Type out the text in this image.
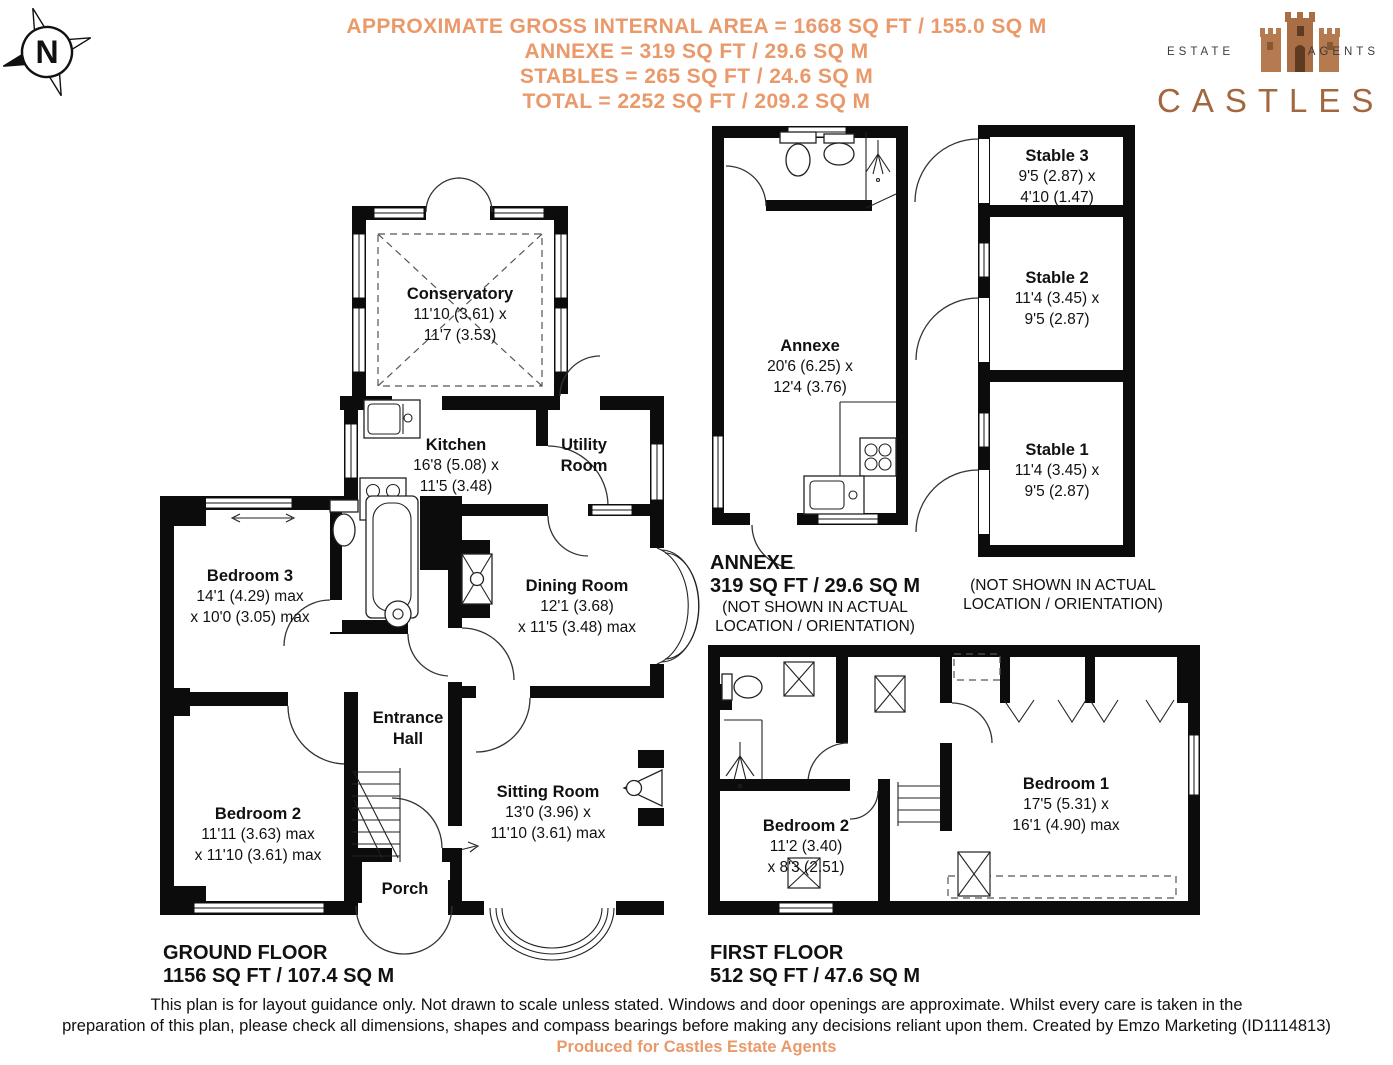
N
APPROXIMATE GROSS INTERNAL AREA = 1668 SQ FT / 155.0 SQ M
ANNEXE = 319 SQ FT / 29.6 SQ M
STABLES = 265 SQ FT / 24.6 SQ M
TOTAL = 2252 SQ FT / 209.2 SQ M
ESTATE	AGENTS
CASTLES
Conservatory
11'10 (3.61) x
11'7 (3.53)
Kitchen
16'8 (5.08) x
11'5 (3.48)
Utility
Room
Bedroom 3
14'1 (4.29) max
x 10'0 (3.05) max
Dining Room
12'1 (3.68)
x 11'5 (3.48) max
Entrance
Hall
Bedroom 2
11'11 (3.63) max
x 11'10 (3.61) max
Sitting Room
13'0 (3.96) x
11'10 (3.61) max
Porch
Annexe
20'6 (6.25) x
12'4 (3.76)
ANNEXE
319 SQ FT / 29.6 SQ M
(NOT SHOWN IN ACTUAL
LOCATION / ORIENTATION)
Stable 3
9'5 (2.87) x
4'10 (1.47)
Stable 2
11'4 (3.45) x
9'5 (2.87)
Stable 1
11'4 (3.45) x
9'5 (2.87)
(NOT SHOWN IN ACTUAL
LOCATION / ORIENTATION)
Bedroom 2
11'2 (3.40)
x 8'3 (2.51)
Bedroom 1
17'5 (5.31) x
16'1 (4.90) max
GROUND FLOOR
1156 SQ FT / 107.4 SQ M
FIRST FLOOR
512 SQ FT / 47.6 SQ M
This plan is for layout guidance only. Not drawn to scale unless stated. Windows and door openings are approximate. Whilst every care is taken in the
preparation of this plan, please check all dimensions, shapes and compass bearings before making any decisions reliant upon them. Created by Emzo Marketing (ID1114813)
Produced for Castles Estate Agents
